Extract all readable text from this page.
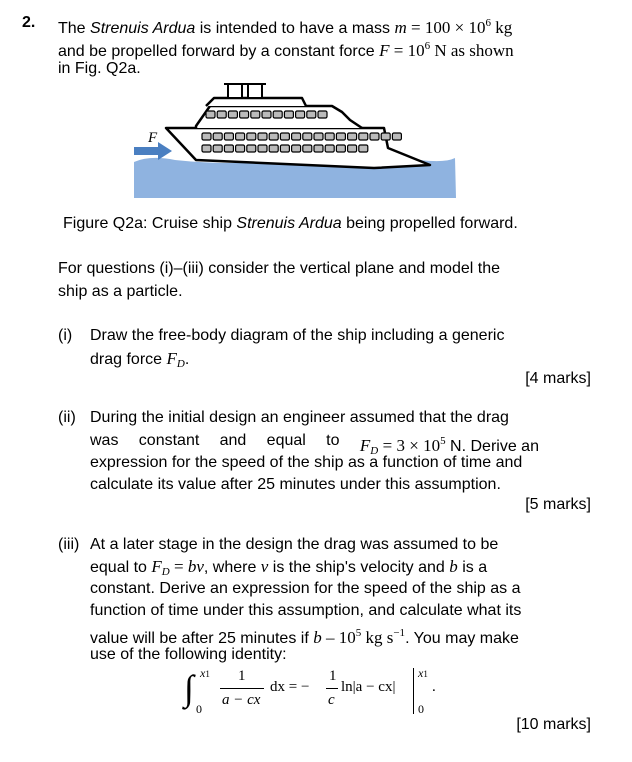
2. The Strenuis Ardua is intended to have a mass $m = 100 \times 10^6$ kg
and be propelled forward by a constant force $F = 10^6$ N as shown
in Fig. Q2a.
F
Figure Q2a: Cruise ship Strenuis Ardua being propelled forward.
For questions (i)–(iii) consider the vertical plane and model the
ship as a particle.
(i) Draw the free-body diagram of the ship including a generic
drag force $F_D$.
[4 marks]
(ii) During the initial design an engineer assumed that the drag
was constant and equal to $F_D = 3 \times 10^5$ N. Derive an
expression for the speed of the ship as a function of time and
calculate its value after 25 minutes under this assumption.
[5 marks]
(iii) At a later stage in the design the drag was assumed to be
equal to $F_D$ = bv, where v is the ship's velocity and b is a
constant. Derive an expression for the speed of the ship as a
function of time under this assumption, and calculate what its
value will be after 25 minutes if b – $10^5$ kg $s^{-1}$. You may make
use of the following identity:
∫ x1
0
1
a − cx
dx = −
1
c
ln|a − cx|
x1
0
.
[10 marks]
